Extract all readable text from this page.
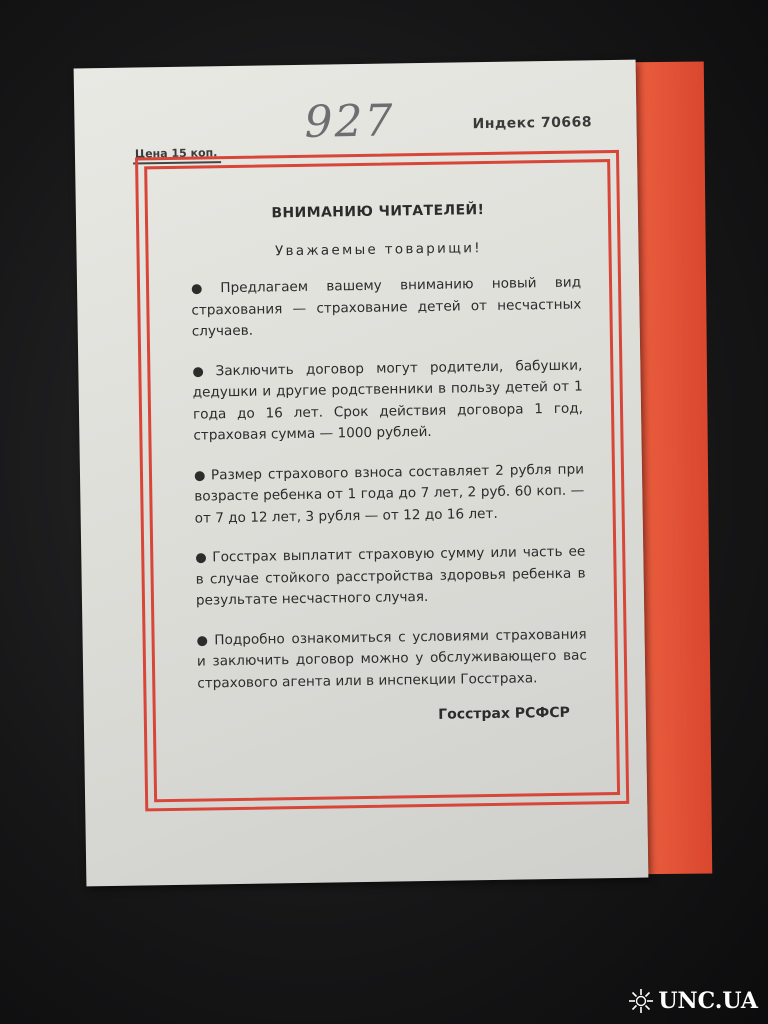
927
Цена 15 коп.
Индекс 70668
ВНИМАНИЮ ЧИТАТЕЛЕЙ!
Уважаемые товарищи!
● Предлагаем вашему вниманию новый вид страхования — страхование детей от несчастных случаев.
● Заключить договор могут родители, бабушки, дедушки и другие родственники в пользу детей от 1 года до 16 лет. Срок действия договора 1 год, страховая сумма — 1000 рублей.
● Размер страхового взноса составляет 2 рубля при возрасте ребенка от 1 года до 7 лет, 2 руб. 60 коп. — от 7 до 12 лет, 3 рубля — от 12 до 16 лет.
● Госстрах выплатит страховую сумму или часть ее в случае стойкого расстройства здоровья ребенка в результате несчастного случая.
● Подробно ознакомиться с условиями страхования и заключить договор можно у обслуживающего вас страхового агента или в инспекции Госстраха.
Госстрах РСФСР
UNC.UA
